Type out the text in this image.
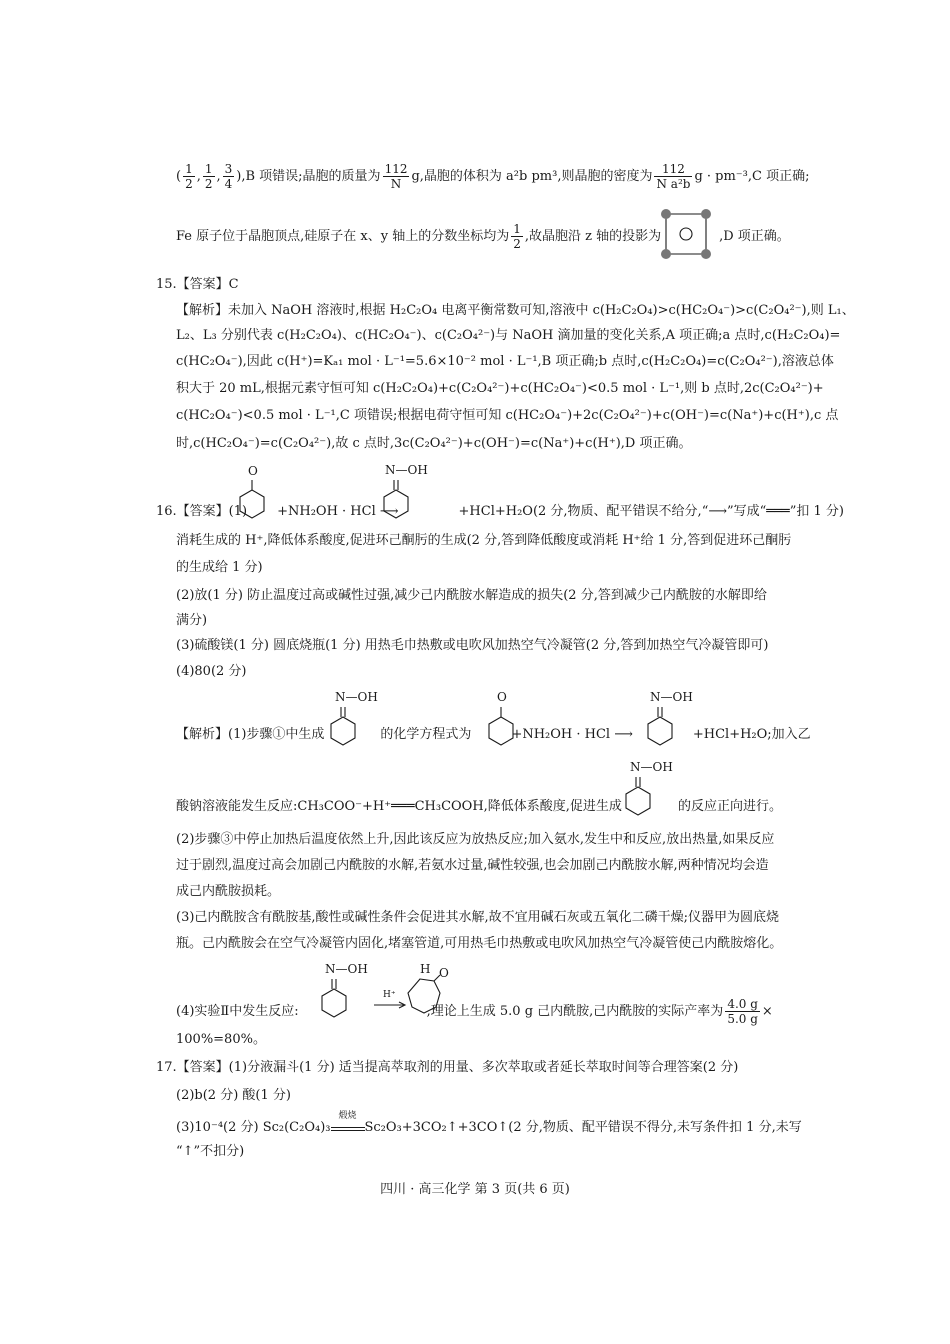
( $\frac{1}{2}$ , $\frac{1}{2}$ , $\frac{3}{4} ),B$ 项错误;晶胞的质量为 $\frac{112}{N} g$,晶胞的体积为 a²b pm³,则晶胞的密度为 $\frac{112}{\text{N a²b}}$ g · pm⁻³,C 项正确;
Fe 原子位于晶胞顶点,硅原子在 x、y 轴上的分数坐标均为 $\frac{1}{2}$ ,故晶胞沿 z 轴的投影为	,D 项正确。
15.【答案】C
【解析】未加入 NaOH 溶液时,根据 H₂C₂O₄ 电离平衡常数可知,溶液中 c(H₂C₂O₄)>c(HC₂O₄⁻)>c(C₂O₄²⁻),则 L₁、
L₂、L₃ 分别代表 c(H₂C₂O₄)、c(HC₂O₄⁻)、c(C₂O₄²⁻)与 NaOH 滴加量的变化关系,A 项正确;a 点时,c(H₂C₂O₄)=
c(HC₂O₄⁻),因此 c(H⁺)=Kₐ₁ mol · L⁻¹=5.6×10⁻² mol · L⁻¹,B 项正确;b 点时,c(H₂C₂O₄)=c(C₂O₄²⁻),溶液总体
积大于 20 mL,根据元素守恒可知 c(H₂C₂O₄)+c(C₂O₄²⁻)+c(HC₂O₄⁻)<0.5 mol · L⁻¹,则 b 点时,2c(C₂O₄²⁻)+
c(HC₂O₄⁻)<0.5 mol · L⁻¹,C 项错误;根据电荷守恒可知 c(HC₂O₄⁻)+2c(C₂O₄²⁻)+c(OH⁻)=c(Na⁺)+c(H⁺),c 点
时,c(HC₂O₄⁻)=c(C₂O₄²⁻),故 c 点时,3c(C₂O₄²⁻)+c(OH⁻)=c(Na⁺)+c(H⁺),D 项正确。
16.【答案】(1) +NH₂OH · HCl ⟶	+HCl+H₂O(2 分,物质、配平错误不给分,“⟶”写成“═══”扣 1 分)
O	N—OH
消耗生成的 H⁺,降低体系酸度,促进环己酮肟的生成(2 分,答到降低酸度或消耗 H⁺给 1 分,答到促进环己酮肟
的生成给 1 分)
(2)放(1 分) 防止温度过高或碱性过强,减少己内酰胺水解造成的损失(2 分,答到减少己内酰胺的水解即给
满分)
(3)硫酸镁(1 分) 圆底烧瓶(1 分) 用热毛巾热敷或电吹风加热空气冷凝管(2 分,答到加热空气冷凝管即可)
(4)80(2 分)
【解析】(1)步骤①中生成	的化学方程式为	+NH₂OH · HCl ⟶	+HCl+H₂O;加入乙
N—OH	O	N—OH
酸钠溶液能发生反应:CH₃COO⁻+H⁺═══CH₃COOH,降低体系酸度,促进生成	的反应正向进行。
N—OH
(2)步骤③中停止加热后温度依然上升,因此该反应为放热反应;加入氨水,发生中和反应,放出热量,如果反应
过于剧烈,温度过高会加剧己内酰胺的水解,若氨水过量,碱性较强,也会加剧己内酰胺水解,两种情况均会造
成己内酰胺损耗。
(3)己内酰胺含有酰胺基,酸性或碱性条件会促进其水解,故不宜用碱石灰或五氧化二磷干燥;仪器甲为圆底烧
瓶。己内酰胺会在空气冷凝管内固化,堵塞管道,可用热毛巾热敷或电吹风加热空气冷凝管使己内酰胺熔化。
(4)实验Ⅱ中发生反应:	,理论上生成 5.0 g 己内酰胺,己内酰胺的实际产率为 $\frac{4.0 g}{5.0 g}$ ×
N—OH
H⁺
H O
100%=80%。
17.【答案】(1)分液漏斗(1 分) 适当提高萃取剂的用量、多次萃取或者延长萃取时间等合理答案(2 分)
(2)b(2 分) 酸(1 分)
(3)10⁻⁴(2 分) Sc₂(C₂O₄)₃
煅烧
Sc₂O₃+3CO₂↑+3CO↑(2 分,物质、配平错误不得分,未写条件扣 1 分,未写
“↑”不扣分)
四川 · 高三化学 第 3 页(共 6 页)
